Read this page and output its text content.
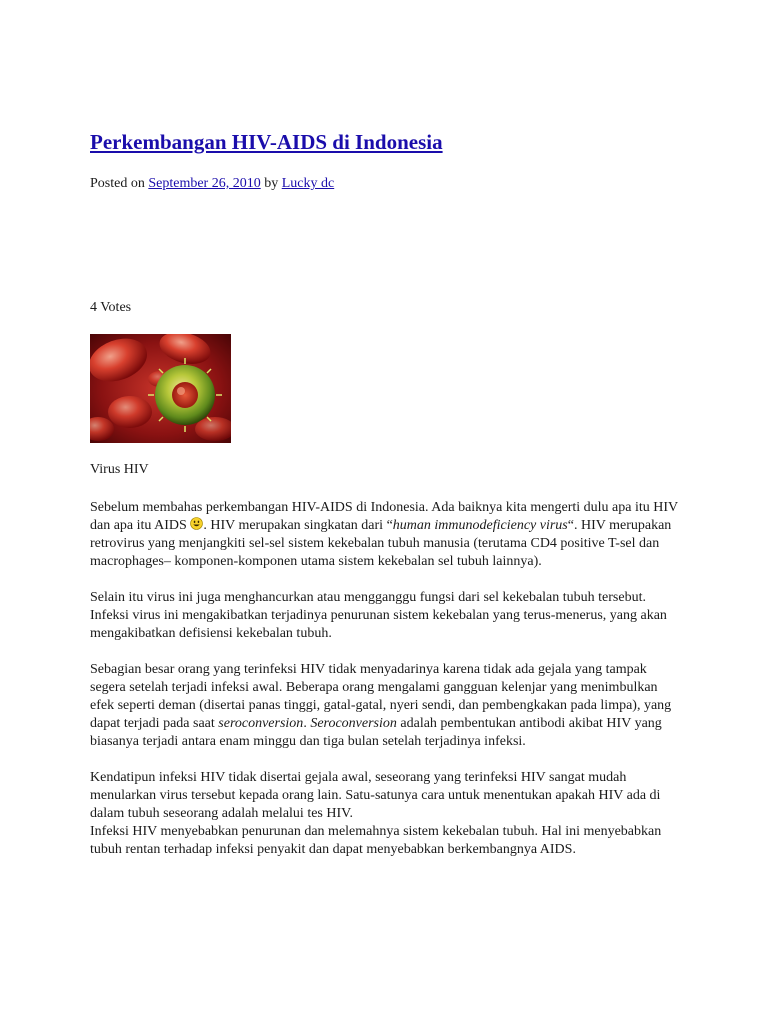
Perkembangan HIV-AIDS di Indonesia
Posted on September 26, 2010 by Lucky dc
4 Votes
Virus HIV

Sebelum membahas perkembangan HIV-AIDS di Indonesia. Ada baiknya kita mengerti dulu apa itu HIV dan apa itu AIDS . HIV merupakan singkatan dari “human immunodeficiency virus“. HIV merupakan retrovirus yang menjangkiti sel-sel sistem kekebalan tubuh manusia (terutama CD4 positive T-sel dan macrophages– komponen-komponen utama sistem kekebalan sel tubuh lainnya).

Selain itu virus ini juga menghancurkan atau mengganggu fungsi dari sel kekebalan tubuh tersebut. Infeksi virus ini mengakibatkan terjadinya penurunan sistem kekebalan yang terus-menerus, yang akan mengakibatkan defisiensi kekebalan tubuh.

Sebagian besar orang yang terinfeksi HIV tidak menyadarinya karena tidak ada gejala yang tampak segera setelah terjadi infeksi awal. Beberapa orang mengalami gangguan kelenjar yang menimbulkan efek seperti deman (disertai panas tinggi, gatal-gatal, nyeri sendi, dan pembengkakan pada limpa), yang dapat terjadi pada saat seroconversion. Seroconversion adalah pembentukan antibodi akibat HIV yang biasanya terjadi antara enam minggu dan tiga bulan setelah terjadinya infeksi.

Kendatipun infeksi HIV tidak disertai gejala awal, seseorang yang terinfeksi HIV sangat mudah menularkan virus tersebut kepada orang lain. Satu-satunya cara untuk menentukan apakah HIV ada di dalam tubuh seseorang adalah melalui tes HIV.

Infeksi HIV menyebabkan penurunan dan melemahnya sistem kekebalan tubuh. Hal ini menyebabkan tubuh rentan terhadap infeksi penyakit dan dapat menyebabkan berkembangnya AIDS.
